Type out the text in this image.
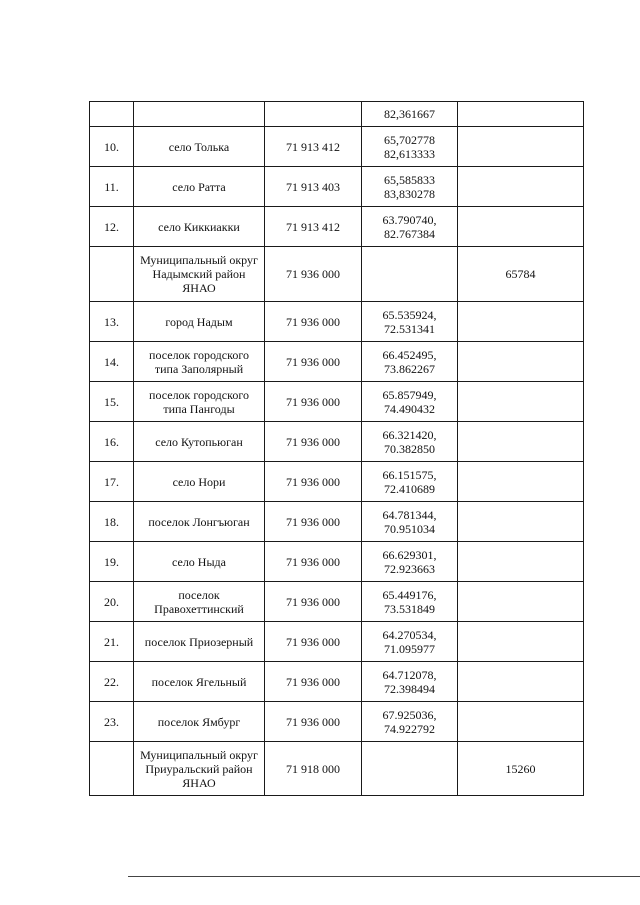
			82,361667	

10.	село Толька	71 913 412	65,702778
82,613333	

11.	село Ратта	71 913 403	65,585833
83,830278	

12.	село Киккиакки	71 913 412	63.790740,
82.767384	

	Муниципальный округ Надымский район ЯНАО	71 936 000		65784
13.	город Надым	71 936 000	65.535924,
72.531341	

14.	поселок городского типа Заполярный	71 936 000	66.452495,
73.862267	

15.	поселок городского типа Пангоды	71 936 000	65.857949,
74.490432	

16.	село Кутопьюган	71 936 000	66.321420,
70.382850	

17.	село Нори	71 936 000	66.151575,
72.410689	

18.	поселок Лонгъюган	71 936 000	64.781344,
70.951034	

19.	село Ныда	71 936 000	66.629301,
72.923663	

20.	поселок Правохеттинский	71 936 000	65.449176,
73.531849	

21.	поселок Приозерный	71 936 000	64.270534,
71.095977	

22.	поселок Ягельный	71 936 000	64.712078,
72.398494	

23.	поселок Ямбург	71 936 000	67.925036,
74.922792	

	Муниципальный округ Приуральский район ЯНАО	71 918 000		15260
